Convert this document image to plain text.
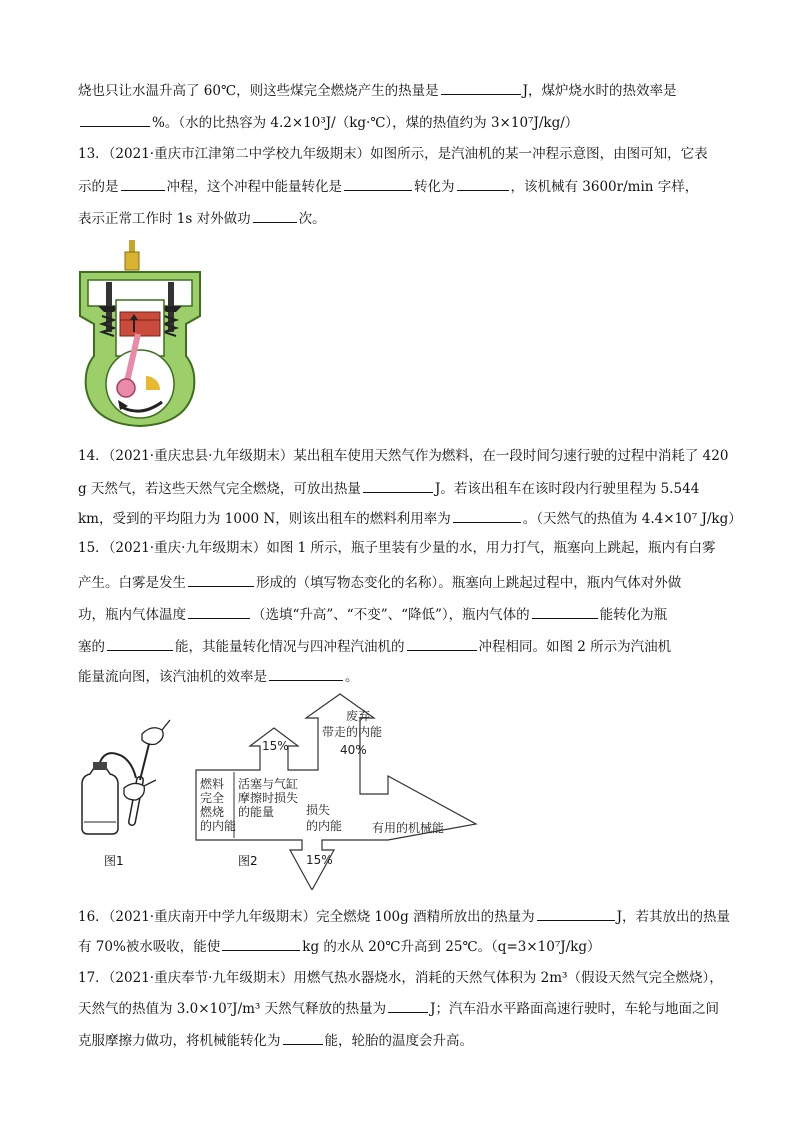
烧也只让水温升高了 60℃，则这些煤完全燃烧产生的热量是	J，煤炉烧水时的热效率是
%。（水的比热容为 4.2×10³J/（kg·℃），煤的热值约为 3×10⁷J/kg/）
13．（2021·重庆市江津第二中学校九年级期末）如图所示，是汽油机的某一冲程示意图，由图可知，它表
示的是	冲程，这个冲程中能量转化是	转化为	，该机械有 3600r/min 字样，
表示正常工作时 1s 对外做功	次。
14．（2021·重庆忠县·九年级期末）某出租车使用天然气作为燃料，在一段时间匀速行驶的过程中消耗了 420
g 天然气，若这些天然气完全燃烧，可放出热量	J。若该出租车在该时段内行驶里程为 5.544
km，受到的平均阻力为 1000 N，则该出租车的燃料利用率为	。（天然气的热值为 4.4×10⁷ J/kg）
15．（2021·重庆·九年级期末）如图 1 所示，瓶子里装有少量的水，用力打气，瓶塞向上跳起，瓶内有白雾
产生。白雾是发生	形成的（填写物态变化的名称）。瓶塞向上跳起过程中，瓶内气体对外做
功，瓶内气体温度	（选填“升高”、“不变”、“降低”），瓶内气体的	能转化为瓶
塞的	能，其能量转化情况与四冲程汽油机的	冲程相同。如图 2 所示为汽油机
能量流向图，该汽油机的效率是	。
燃料
完全
燃烧
的内能
活塞与气缸
摩擦时损失
的能量
15%
废弃
带走的内能
40%
损失
的内能
15%
有用的机械能
图1	图2
16．（2021·重庆南开中学九年级期末）完全燃烧 100g 酒精所放出的热量为	J，若其放出的热量
有 70%被水吸收，能使	kg 的水从 20℃升高到 25℃。（q=3×10⁷J/kg）
17．（2021·重庆奉节·九年级期末）用燃气热水器烧水，消耗的天然气体积为 2m³（假设天然气完全燃烧），
天然气的热值为 3.0×10⁷J/m³ 天然气释放的热量为	J；汽车沿水平路面高速行驶时，车轮与地面之间
克服摩擦力做功，将机械能转化为	能，轮胎的温度会升高。
